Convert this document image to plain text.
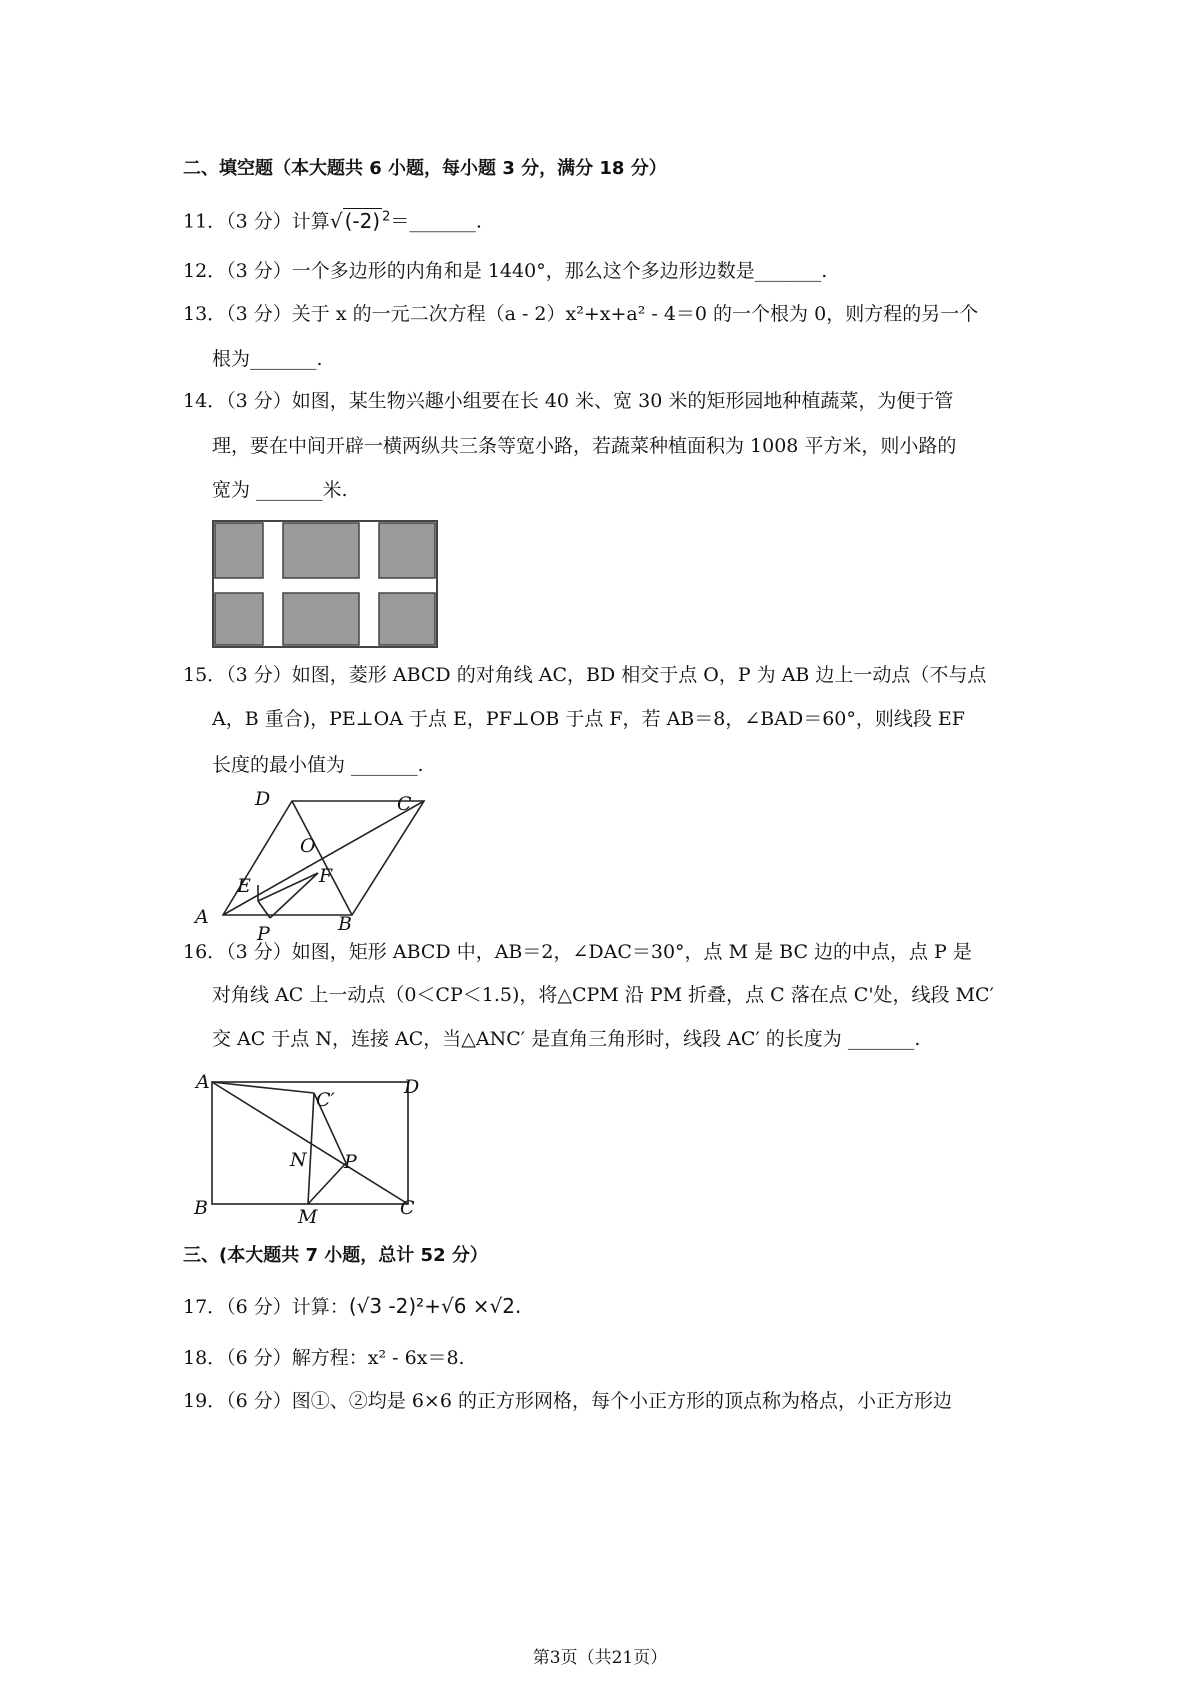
二、填空题（本大题共 6 小题，每小题 3 分，满分 18 分）
11．（3 分）计算√ (-2) $^2$＝_______.
12．（3 分）一个多边形的内角和是 1440°，那么这个多边形边数是_______.
13．（3 分）关于 x 的一元二次方程（a - 2）x²+x+a² - 4＝0 的一个根为 0，则方程的另一个
根为_______.
14．（3 分）如图，某生物兴趣小组要在长 40 米、宽 30 米的矩形园地种植蔬菜，为便于管
理，要在中间开辟一横两纵共三条等宽小路，若蔬菜种植面积为 1008 平方米，则小路的
宽为 _______米.
15．（3 分）如图，菱形 ABCD 的对角线 AC，BD 相交于点 O，P 为 AB 边上一动点（不与点
A，B 重合)，PE⊥OA 于点 E，PF⊥OB 于点 F，若 AB＝8，∠BAD＝60°，则线段 EF
长度的最小值为 _______.
D	C
O
F
E
A	B
P
16．（3 分）如图，矩形 ABCD 中，AB＝2，∠DAC＝30°，点 M 是 BC 边的中点，点 P 是
对角线 AC 上一动点（0＜CP＜1.5)，将△CPM 沿 PM 折叠，点 C 落在点 C'处，线段 MC′
交 AC 于点 N，连接 AC，当△ANC′ 是直角三角形时，线段 AC′ 的长度为 _______.
A	D
C′
N P
B	M	C
三、(本大题共 7 小题，总计 52 分）
17．（6 分）计算：(√3 -2)²+√6 ×√2.
18．（6 分）解方程：x² - 6x＝8.
19．（6 分）图①、②均是 6×6 的正方形网格，每个小正方形的顶点称为格点，小正方形边
第3页（共21页）
